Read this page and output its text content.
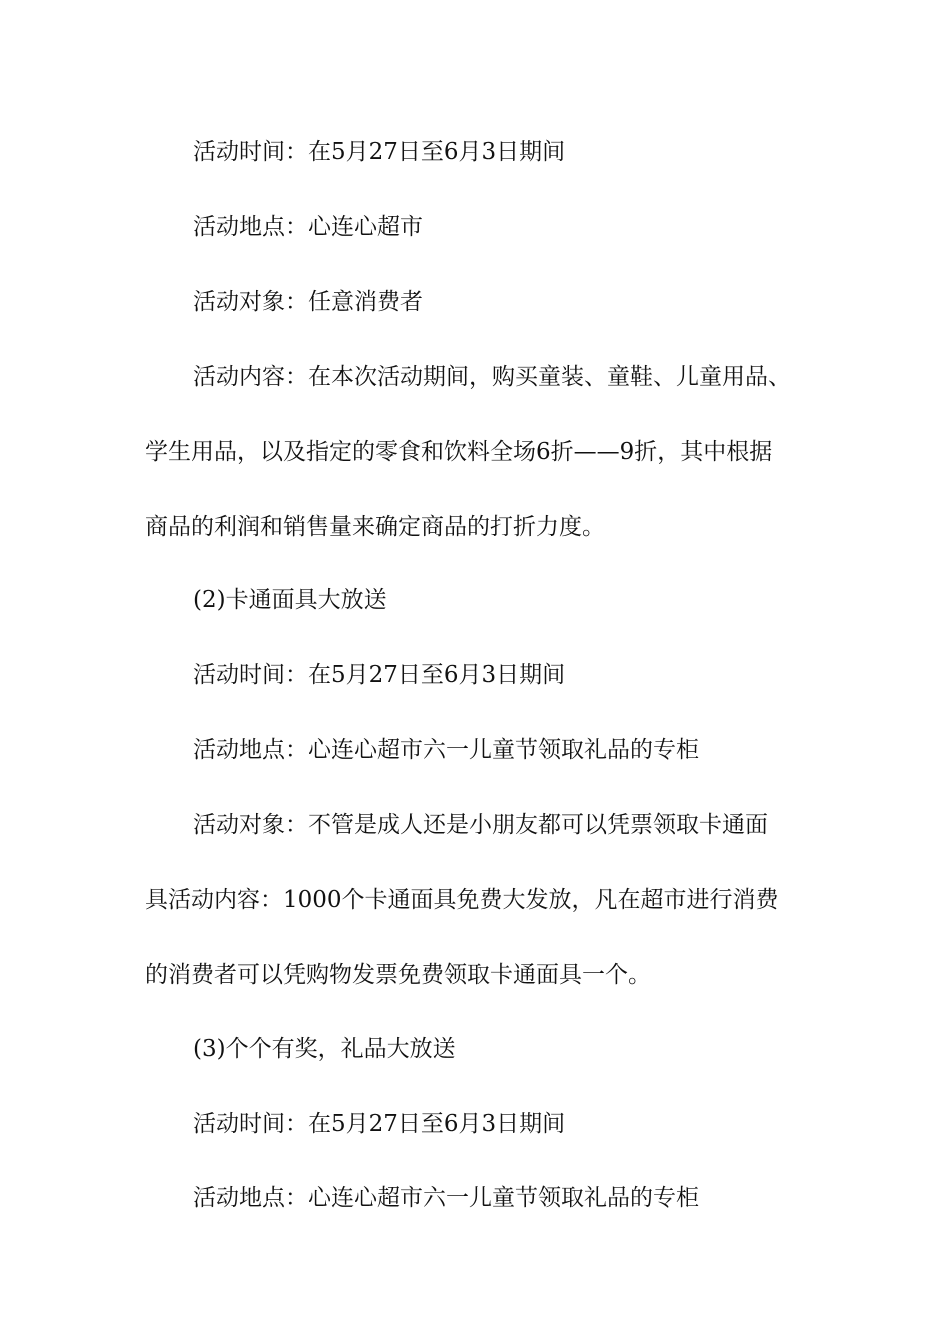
活动时间：在5月27日至6月3日期间

活动地点：心连心超市

活动对象：任意消费者

活动内容：在本次活动期间，购买童装、童鞋、儿童用品、

学生用品，以及指定的零食和饮料全场6折——9折，其中根据

商品的利润和销售量来确定商品的打折力度。

(2)卡通面具大放送

活动时间：在5月27日至6月3日期间

活动地点：心连心超市六一儿童节领取礼品的专柜

活动对象：不管是成人还是小朋友都可以凭票领取卡通面

具活动内容：1000个卡通面具免费大发放，凡在超市进行消费

的消费者可以凭购物发票免费领取卡通面具一个。

(3)个个有奖，礼品大放送

活动时间：在5月27日至6月3日期间

活动地点：心连心超市六一儿童节领取礼品的专柜
